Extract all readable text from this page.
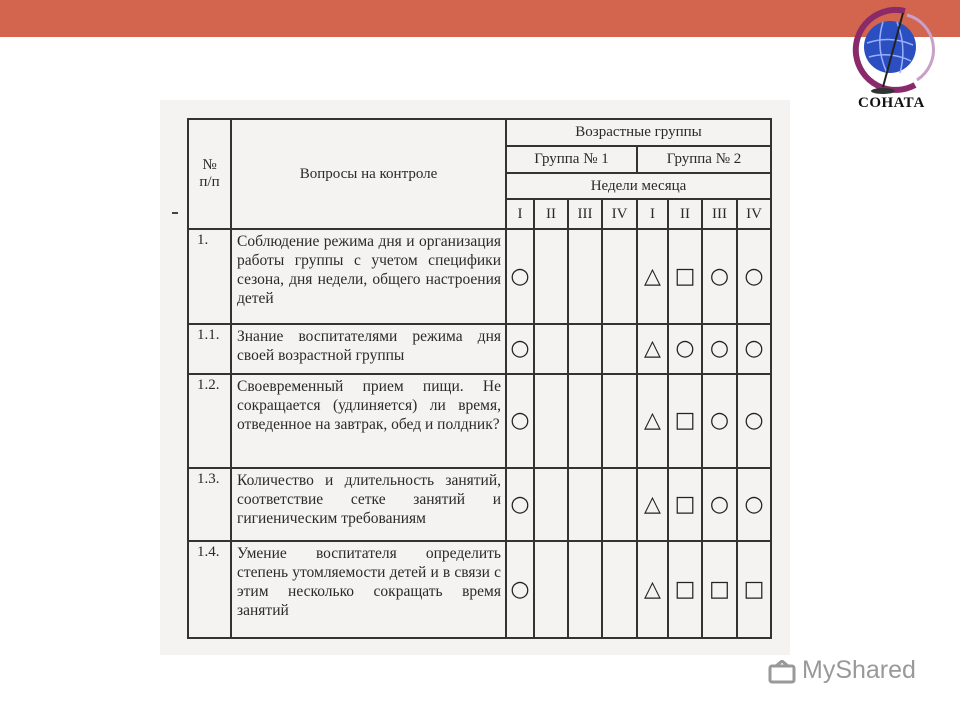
СОНАТА
№ п/п	Вопросы на контроле	Возрастные группы							
		Группа № 1				Группа № 2			
		Недели месяца							
		I	II	III	IV	I	II	III	IV
1.	Соблюдение режима дня и организация работы группы с учетом специфики сезона, дня недели, общего настроения детей	○				△	□	○	○
1.1.	Знание воспитателями режима дня своей возрастной группы	○				△	○	○	○
1.2.	Своевременный прием пищи. Не сокращается (удлиняется) ли время, отведенное на завтрак, обед и полдник?	○				△	□	○	○
1.3.	Количество и длительность занятий, соответствие сетке занятий и гигиеническим требованиям	○				△	□	○	○
1.4.	Умение воспитателя определить степень утомляемости детей и в связи с этим несколько сокращать время занятий	○				△	□	□	□
MyShared
